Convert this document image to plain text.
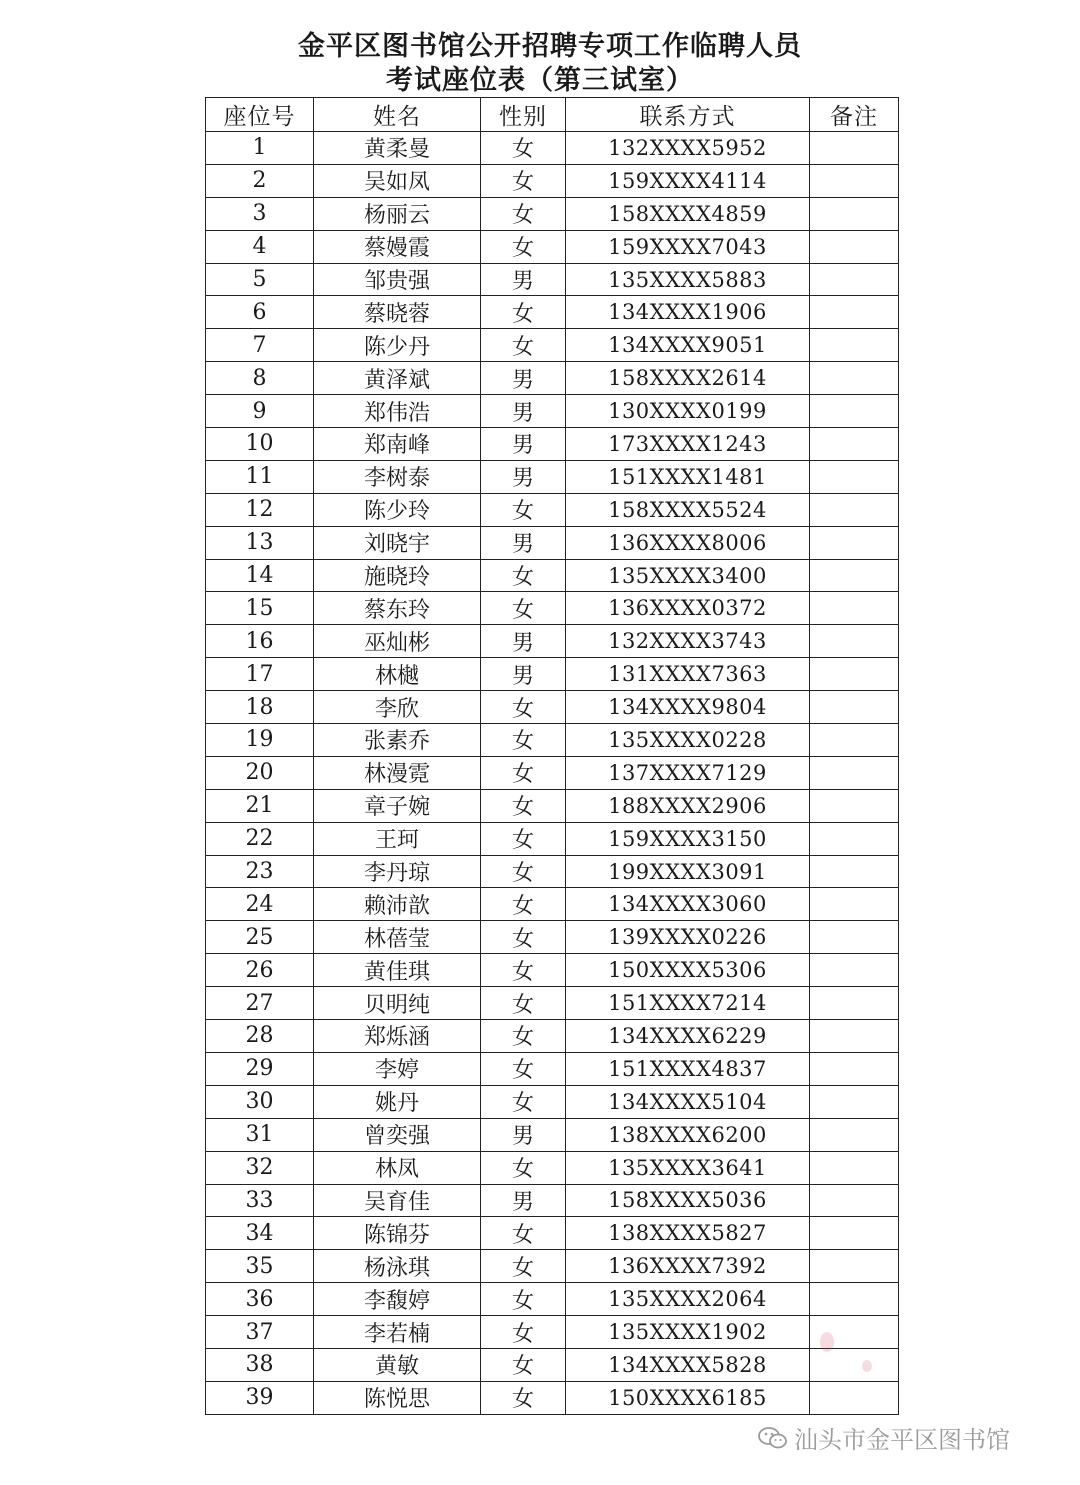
金平区图书馆公开招聘专项工作临聘人员
考试座位表（第三试室）
座位号	姓名	性别	联系方式	备注
1	黄柔曼	女	132XXXX5952	
2	吴如凤	女	159XXXX4114	
3	杨丽云	女	158XXXX4859	
4	蔡嫚霞	女	159XXXX7043	
5	邹贵强	男	135XXXX5883	
6	蔡晓蓉	女	134XXXX1906	
7	陈少丹	女	134XXXX9051	
8	黄泽斌	男	158XXXX2614	
9	郑伟浩	男	130XXXX0199	
10	郑南峰	男	173XXXX1243	
11	李树泰	男	151XXXX1481	
12	陈少玲	女	158XXXX5524	
13	刘晓宇	男	136XXXX8006	
14	施晓玲	女	135XXXX3400	
15	蔡东玲	女	136XXXX0372	
16	巫灿彬	男	132XXXX3743	
17	林樾	男	131XXXX7363	
18	李欣	女	134XXXX9804	
19	张素乔	女	135XXXX0228	
20	林漫霓	女	137XXXX7129	
21	章子婉	女	188XXXX2906	
22	王珂	女	159XXXX3150	
23	李丹琼	女	199XXXX3091	
24	赖沛歆	女	134XXXX3060	
25	林蓓莹	女	139XXXX0226	
26	黄佳琪	女	150XXXX5306	
27	贝明纯	女	151XXXX7214	
28	郑烁涵	女	134XXXX6229	
29	李婷	女	151XXXX4837	
30	姚丹	女	134XXXX5104	
31	曾奕强	男	138XXXX6200	
32	林凤	女	135XXXX3641	
33	吴育佳	男	158XXXX5036	
34	陈锦芬	女	138XXXX5827	
35	杨泳琪	女	136XXXX7392	
36	李馥婷	女	135XXXX2064	
37	李若楠	女	135XXXX1902	
38	黄敏	女	134XXXX5828	
39	陈悦思	女	150XXXX6185	
汕头市金平区图书馆
